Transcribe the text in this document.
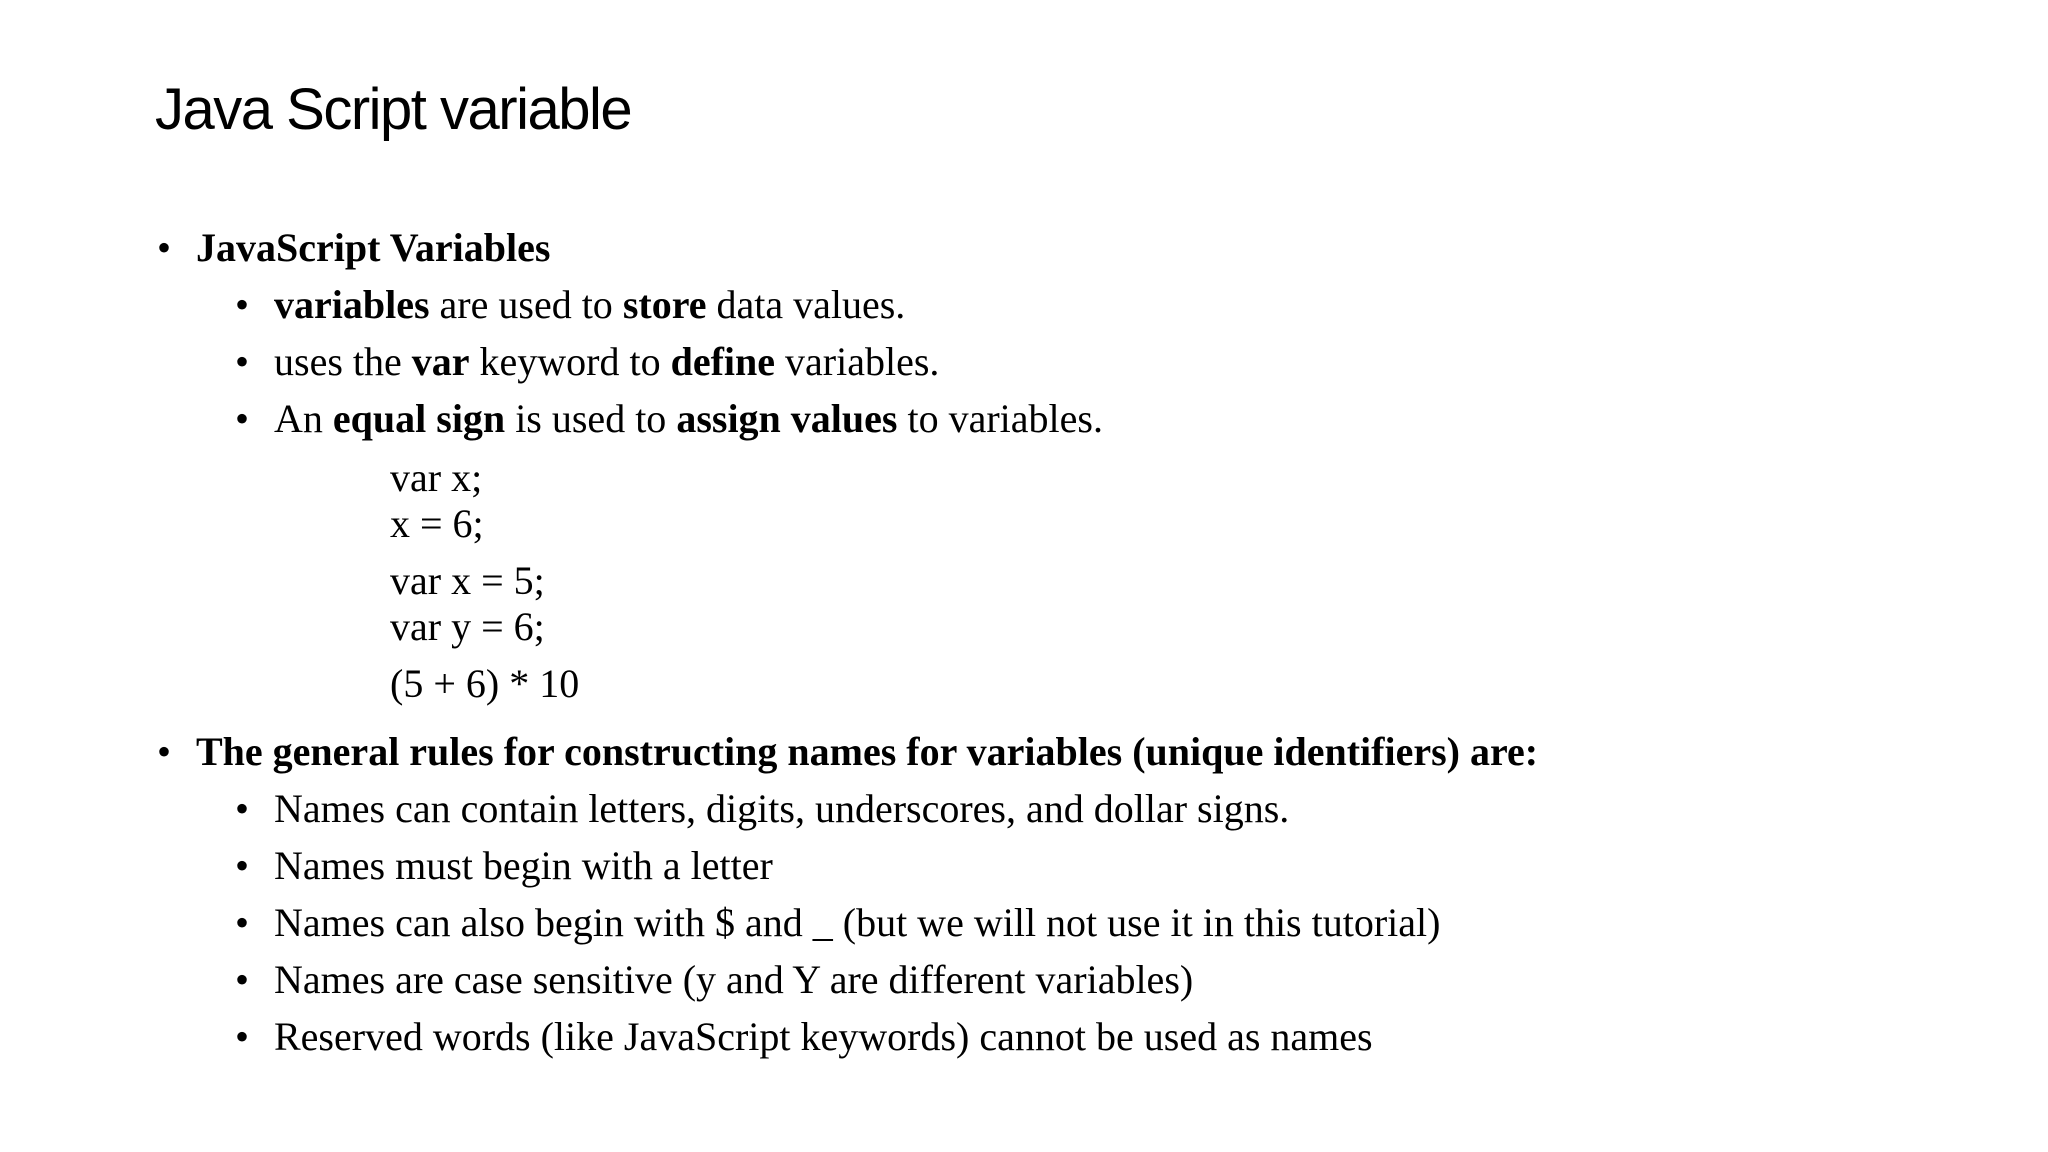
Java Script variable
• JavaScript Variables
• variables are used to store data values.
• uses the var keyword to define variables.
• An equal sign is used to assign values to variables.
var x;
x = 6;
var x = 5;
var y = 6;
(5 + 6) * 10
• The general rules for constructing names for variables (unique identifiers) are:
• Names can contain letters, digits, underscores, and dollar signs.
• Names must begin with a letter
• Names can also begin with $ and _ (but we will not use it in this tutorial)
• Names are case sensitive (y and Y are different variables)
• Reserved words (like JavaScript keywords) cannot be used as names
